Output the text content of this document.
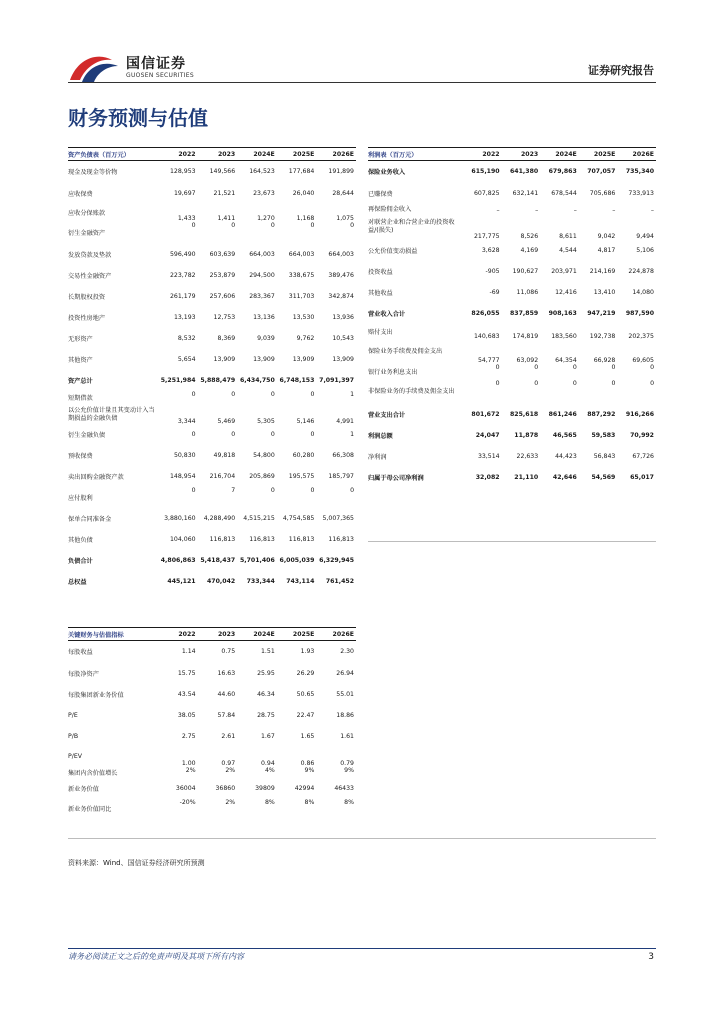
国信证券
GUOSEN SECURITIES	证券研究报告
财务预测与估值
资产负债表（百万元）	2022	2023	2024E	2025E	2026E
现金及现金等价物	128,953	149,566	164,523	177,684	191,899
应收保费	19,697	21,521	23,673	26,040	28,644
应收分保账款	1,433	1,411	1,270	1,168	1,075
衍生金融资产	0	0	0	0	0
发放贷款及垫款	596,490	603,639	664,003	664,003	664,003
交易性金融资产	223,782	253,879	294,500	338,675	389,476
长期股权投资	261,179	257,606	283,367	311,703	342,874
投资性房地产	13,193	12,753	13,136	13,530	13,936
无形资产	8,532	8,369	9,039	9,762	10,543
其他资产	5,654	13,909	13,909	13,909	13,909
资产总计	5,251,984	5,888,479	6,434,750	6,748,153	7,091,397
短期借款	0	0	0	0	1
以公允价值计量且其变动计入当期损益的金融负债	3,344	5,469	5,305	5,146	4,991
衍生金融负债	0	0	0	0	1
预收保费	50,830	49,818	54,800	60,280	66,308
卖出回购金融资产款	148,954	216,704	205,869	195,575	185,797
应付股利	0	7	0	0	0
保单合同准备金	3,880,160	4,288,490	4,515,215	4,754,585	5,007,365
其他负债	104,060	116,813	116,813	116,813	116,813
负债合计	4,806,863	5,418,437	5,701,406	6,005,039	6,329,945
总权益	445,121	470,042	733,344	743,114	761,452
利润表（百万元）	2022	2023	2024E	2025E	2026E
保险业务收入	615,190	641,380	679,863	707,057	735,340
已赚保费	607,825	632,141	678,544	705,686	733,913
再保险佣金收入	–	–	–	–	–
对联营企业和合营企业的投资收益/(损失)	217,775	8,526	8,611	9,042	9,494
公允价值变动损益	3,628	4,169	4,544	4,817	5,106
投资收益	-905	190,627	203,971	214,169	224,878
其他收益	-69	11,086	12,416	13,410	14,080
营业收入合计	826,055	837,859	908,163	947,219	987,590
赔付支出	140,683	174,819	183,560	192,738	202,375
保险业务手续费及佣金支出	54,777	63,092	64,354	66,928	69,605
银行业务利息支出	0	0	0	0	0
非保险业务的手续费及佣金支出	0	0	0	0	0
营业支出合计	801,672	825,618	861,246	887,292	916,266
利润总额	24,047	11,878	46,565	59,583	70,992
净利润	33,514	22,633	44,423	56,843	67,726
归属于母公司净利润	32,082	21,110	42,646	54,569	65,017
关键财务与估值指标	2022	2023	2024E	2025E	2026E
每股收益	1.14	0.75	1.51	1.93	2.30
每股净资产	15.75	16.63	25.95	26.29	26.94
每股集团新业务价值	43.54	44.60	46.34	50.65	55.01
P/E	38.05	57.84	28.75	22.47	18.86
P/B	2.75	2.61	1.67	1.65	1.61
P/EV	1.00	0.97	0.94	0.86	0.79
集团内含价值增长	2%	2%	4%	9%	9%
新业务价值	36004	36860	39809	42994	46433
新业务价值同比	-20%	2%	8%	8%	8%
资料来源：Wind、国信证券经济研究所预测
请务必阅读正文之后的免责声明及其项下所有内容	3
